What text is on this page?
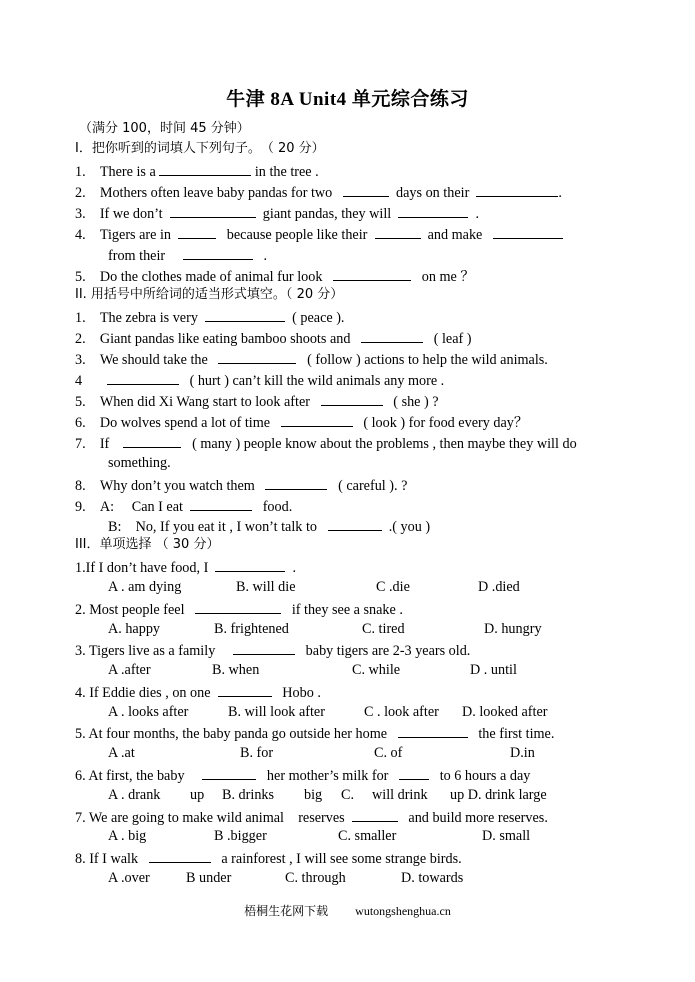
牛津 8A Unit4 单元综合练习
（满分 100，时间 45 分钟）
I．把你听到的词填人下列句子。　（ 20 分）
1. There is a	in the tree .
2. Mothers often leave baby pandas for two	days on their	.
3. If we don’t	giant pandas, they will	.
4. Tigers are in	because people like their	and make
from their	.
5. Do the clothes made of animal fur look	on me ？
II. 用括号中所给词的适当形式填空。（ 20 分）
1. The zebra is very	( peace ).
2. Giant pandas like eating bamboo shoots and	( leaf )
3. We should take the	( follow ) actions to help the wild animals.
4	( hurt ) can’t kill the wild animals any more .
5. When did Xi Wang start to look after	( she ) ?
6. Do wolves spend a lot of time	( look ) for food every day？
7. If	( many ) people know about the problems , then maybe they will do
something.
8. Why don’t you watch them	( careful ). ?
9. A: Can I eat	food.
B: No, If you eat it , I won’t talk to	.( you )
III．单项选择 （ 30 分）
1.If I don’t have food, I	.
A . am dying	B. will die	C .die	D .died
2. Most people feel	if they see a snake .
A. happy	B. frightened	C. tired	D. hungry
3. Tigers live as a family	baby tigers are 2-3 years old.
A .after	B. when	C. while	D . until
4. If Eddie dies , on one	Hobo .
A . looks after	B. will look after	C . look after D. looked after
5. At four months, the baby panda go outside her home	the first time.
A .at	B. for	C. of	D.in
6. At first, the baby	her mother’s milk for	to 6 hours a day
A . drank up B. drinks big C. will drink up D. drink large
7. We are going to make wild animal reserves	and build more reserves.
A . big	B .bigger	C. smaller	D. small
8. If I walk	a rainforest , I will see some strange birds.
A .over	B under	C. through	D. towards
梧桐生花网下载 wutongshenghua.cn
